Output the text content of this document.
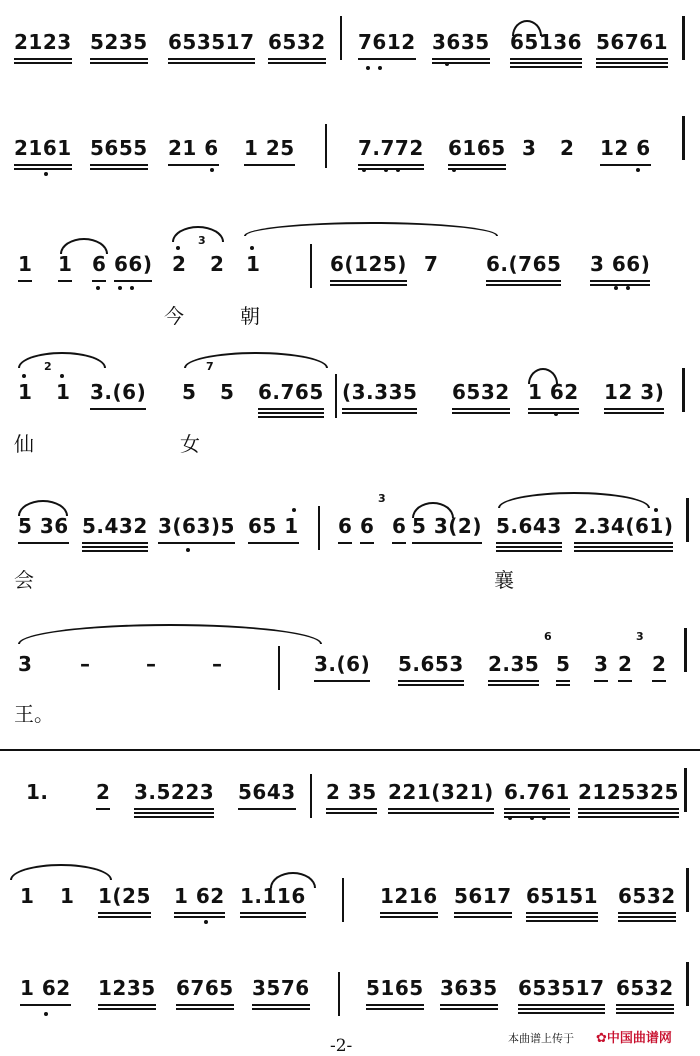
2123 5235 653517 6532 7612 3635 65136 56761
2161 5655 21 6 1 25	7.772 6165 3 2 12 6
1 1 6 66) 2 2 1	6(125) 7 6.(765 3 66)
今	朝
3
1 1 3.(6) 5 5 6.765 (3.335 6532 1 62 12 3)
2	7
仙	女
5 36 5.432 3(63)5 65 1 6 6 6 5 3(2) 5.643 2.34(61)
3
会	襄
3 –	–	–	3.(6) 5.653 2.35 5 3 2 2
6	3
王。
1. 2 3.5223 5643 2 35 221(321) 6.761 2125325
1 1 1(25 1 62 1.116	1216 5617 65151 6532
1 62 1235 6765 3576	5165 3635 653517 6532
-2-	本曲谱上传于 ✿中国曲谱网
